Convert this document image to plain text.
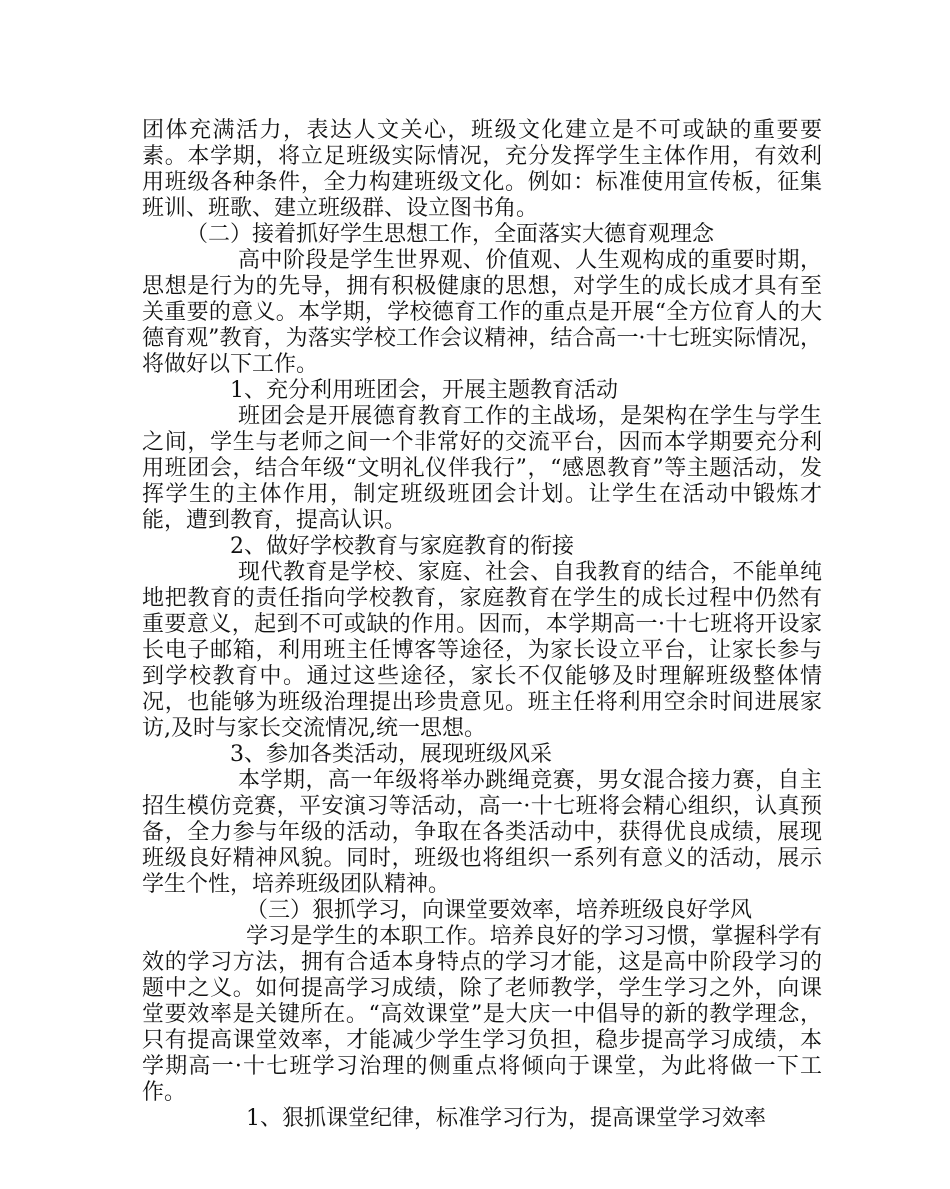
团体充满活力，表达人文关心，班级文化建立是不可或缺的重要要素。本学期，将立足班级实际情况，充分发挥学生主体作用，有效利用班级各种条件，全力构建班级文化。例如：标准使用宣传板，征集班训、班歌、建立班级群、设立图书角。

（二）接着抓好学生思想工作，全面落实大德育观理念

高中阶段是学生世界观、价值观、人生观构成的重要时期，思想是行为的先导，拥有积极健康的思想，对学生的成长成才具有至关重要的意义。本学期，学校德育工作的重点是开展“全方位育人的大德育观”教育，为落实学校工作会议精神，结合高一·十七班实际情况，将做好以下工作。

1、充分利用班团会，开展主题教育活动

班团会是开展德育教育工作的主战场，是架构在学生与学生之间，学生与老师之间一个非常好的交流平台，因而本学期要充分利用班团会，结合年级“文明礼仪伴我行”，“感恩教育”等主题活动，发挥学生的主体作用，制定班级班团会计划。让学生在活动中锻炼才能，遭到教育，提高认识。

2、做好学校教育与家庭教育的衔接

现代教育是学校、家庭、社会、自我教育的结合，不能单纯地把教育的责任指向学校教育，家庭教育在学生的成长过程中仍然有重要意义，起到不可或缺的作用。因而，本学期高一·十七班将开设家长电子邮箱，利用班主任博客等途径，为家长设立平台，让家长参与到学校教育中。通过这些途径，家长不仅能够及时理解班级整体情况，也能够为班级治理提出珍贵意见。班主任将利用空余时间进展家访,及时与家长交流情况,统一思想。

3、参加各类活动，展现班级风采

本学期，高一年级将举办跳绳竞赛，男女混合接力赛，自主招生模仿竞赛，平安演习等活动，高一·十七班将会精心组织，认真预备，全力参与年级的活动，争取在各类活动中，获得优良成绩，展现班级良好精神风貌。同时，班级也将组织一系列有意义的活动，展示学生个性，培养班级团队精神。

（三）狠抓学习，向课堂要效率，培养班级良好学风

学习是学生的本职工作。培养良好的学习习惯，掌握科学有效的学习方法，拥有合适本身特点的学习才能，这是高中阶段学习的题中之义。如何提高学习成绩，除了老师教学，学生学习之外，向课堂要效率是关键所在。“高效课堂”是大庆一中倡导的新的教学理念，只有提高课堂效率，才能减少学生学习负担，稳步提高学习成绩，本学期高一·十七班学习治理的侧重点将倾向于课堂，为此将做一下工作。

1、狠抓课堂纪律，标准学习行为，提高课堂学习效率
